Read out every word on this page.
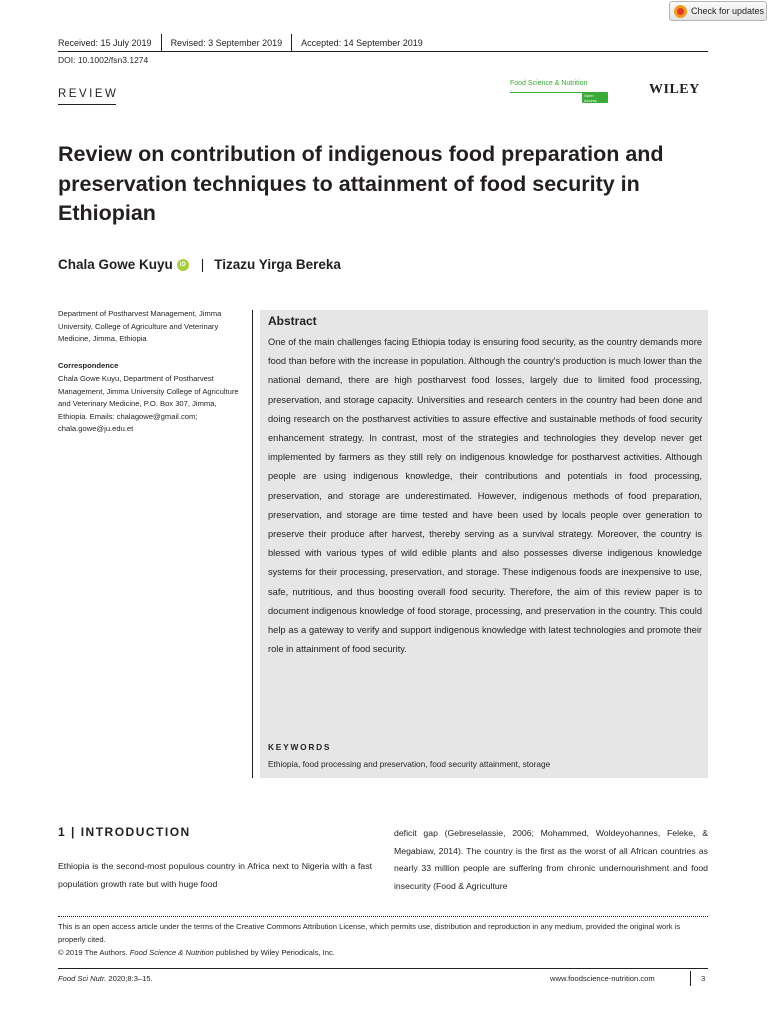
Check for updates
Received: 15 July 2019	Revised: 3 September 2019	Accepted: 14 September 2019
DOI: 10.1002/fsn3.1274
REVIEW
Food Science & Nutrition
Open Access
WILEY
Review on contribution of indigenous food preparation and preservation techniques to attainment of food security in Ethiopian
Chala Gowe Kuyu	iD | Tizazu Yirga Bereka
Department of Postharvest Management, Jimma University, College of Agriculture and Veterinary Medicine, Jimma, Ethiopia
Correspondence
Chala Gowe Kuyu, Department of Postharvest Management, Jimma University College of Agriculture and Veterinary Medicine, P.O. Box 307, Jimma, Ethiopia. Emails: chalagowe@gmail.com; chala.gowe@ju.edu.et
Abstract

One of the main challenges facing Ethiopia today is ensuring food security, as the country demands more food than before with the increase in population. Although the country's production is much lower than the national demand, there are high postharvest food losses, largely due to limited food processing, preservation, and storage capacity. Universities and research centers in the country had been done and doing research on the postharvest activities to assure effective and sustainable methods of food security enhancement strategy. In contrast, most of the strategies and technologies they develop never get implemented by farmers as they still rely on indigenous knowledge for postharvest activities. Although people are using indigenous knowledge, their contributions and potentials in food processing, preservation, and storage are underestimated. However, indigenous methods of food preparation, preservation, and storage are time tested and have been used by locals people over generation to preserve their produce after harvest, thereby serving as a survival strategy. Moreover, the country is blessed with various types of wild edible plants and also possesses diverse indigenous knowledge systems for their processing, preservation, and storage. These indigenous foods are inexpensive to use, safe, nutritious, and thus boosting overall food security. Therefore, the aim of this review paper is to document indigenous knowledge of food storage, processing, and preservation in the country. This could help as a gateway to verify and support indigenous knowledge with latest technologies and promote their role in attainment of food security.

KEYWORDS
Ethiopia, food processing and preservation, food security attainment, storage
1 | INTRODUCTION

Ethiopia is the second-most populous country in Africa next to Nigeria with a fast population growth rate but with huge food

deficit gap (Gebreselassie, 2006; Mohammed, Woldeyohannes, Feleke, & Megabiaw, 2014). The country is the first as the worst of all African countries as nearly 33 million people are suffering from chronic undernourishment and food insecurity (Food & Agriculture

This is an open access article under the terms of the Creative Commons Attribution License, which permits use, distribution and reproduction in any medium, provided the original work is properly cited.
© 2019 The Authors. Food Science & Nutrition published by Wiley Periodicals, Inc.
Food Sci Nutr. 2020;8:3–15.	www.foodscience-nutrition.com	3
